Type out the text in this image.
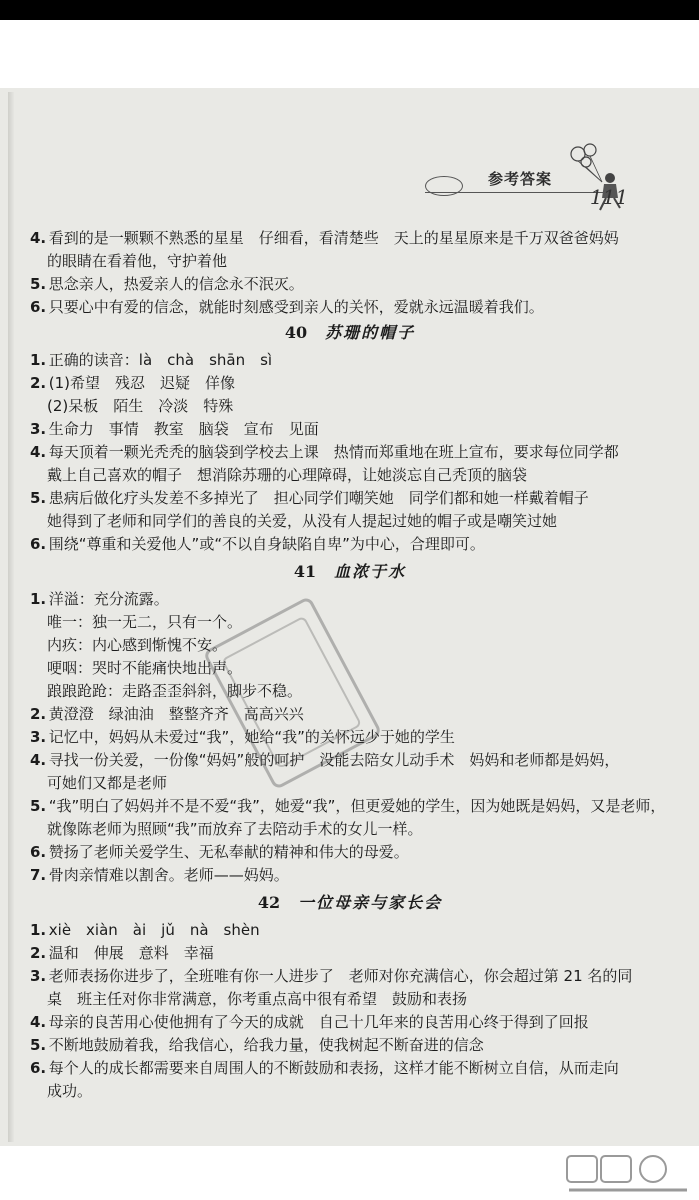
参考答案
111
4. 看到的是一颗颗不熟悉的星星　仔细看，看清楚些　天上的星星原来是千万双爸爸妈妈
的眼睛在看着他，守护着他
5. 思念亲人，热爱亲人的信念永不泯灭。
6. 只要心中有爱的信念，就能时刻感受到亲人的关怀，爱就永远温暖着我们。
40 苏珊的帽子
1. 正确的读音：là　chà　shān　sì
2. (1)希望　残忍　迟疑　佯像
(2)呆板　陌生　冷淡　特殊
3. 生命力　事情　教室　脑袋　宣布　见面
4. 每天顶着一颗光秃秃的脑袋到学校去上课　热情而郑重地在班上宣布，要求每位同学都
戴上自己喜欢的帽子　想消除苏珊的心理障碍，让她淡忘自己秃顶的脑袋
5. 患病后做化疗头发差不多掉光了　担心同学们嘲笑她　同学们都和她一样戴着帽子
她得到了老师和同学们的善良的关爱，从没有人提起过她的帽子或是嘲笑过她
6. 围绕“尊重和关爱他人”或“不以自身缺陷自卑”为中心，合理即可。
41 血浓于水
1. 洋溢：充分流露。
唯一：独一无二，只有一个。
内疚：内心感到惭愧不安。
哽咽：哭时不能痛快地出声。
踉踉跄跄：走路歪歪斜斜，脚步不稳。
2. 黄澄澄　绿油油　整整齐齐　高高兴兴
3. 记忆中，妈妈从未爱过“我”，她给“我”的关怀远少于她的学生
4. 寻找一份关爱，一份像“妈妈”般的呵护　没能去陪女儿动手术　妈妈和老师都是妈妈，
可她们又都是老师
5. “我”明白了妈妈并不是不爱“我”，她爱“我”，但更爱她的学生，因为她既是妈妈，又是老师，
就像陈老师为照顾“我”而放弃了去陪动手术的女儿一样。
6. 赞扬了老师关爱学生、无私奉献的精神和伟大的母爱。
7. 骨肉亲情难以割舍。老师——妈妈。
42 一位母亲与家长会
1. xiè　xiàn　ài　jǔ　nà　shèn
2. 温和　伸展　意料　幸福
3. 老师表扬你进步了，全班唯有你一人进步了　老师对你充满信心，你会超过第 21 名的同
桌　班主任对你非常满意，你考重点高中很有希望　鼓励和表扬
4. 母亲的良苦用心使他拥有了今天的成就　自己十几年来的良苦用心终于得到了回报
5. 不断地鼓励着我，给我信心，给我力量，使我树起不断奋进的信念
6. 每个人的成长都需要来自周围人的不断鼓励和表扬，这样才能不断树立自信，从而走向
成功。
